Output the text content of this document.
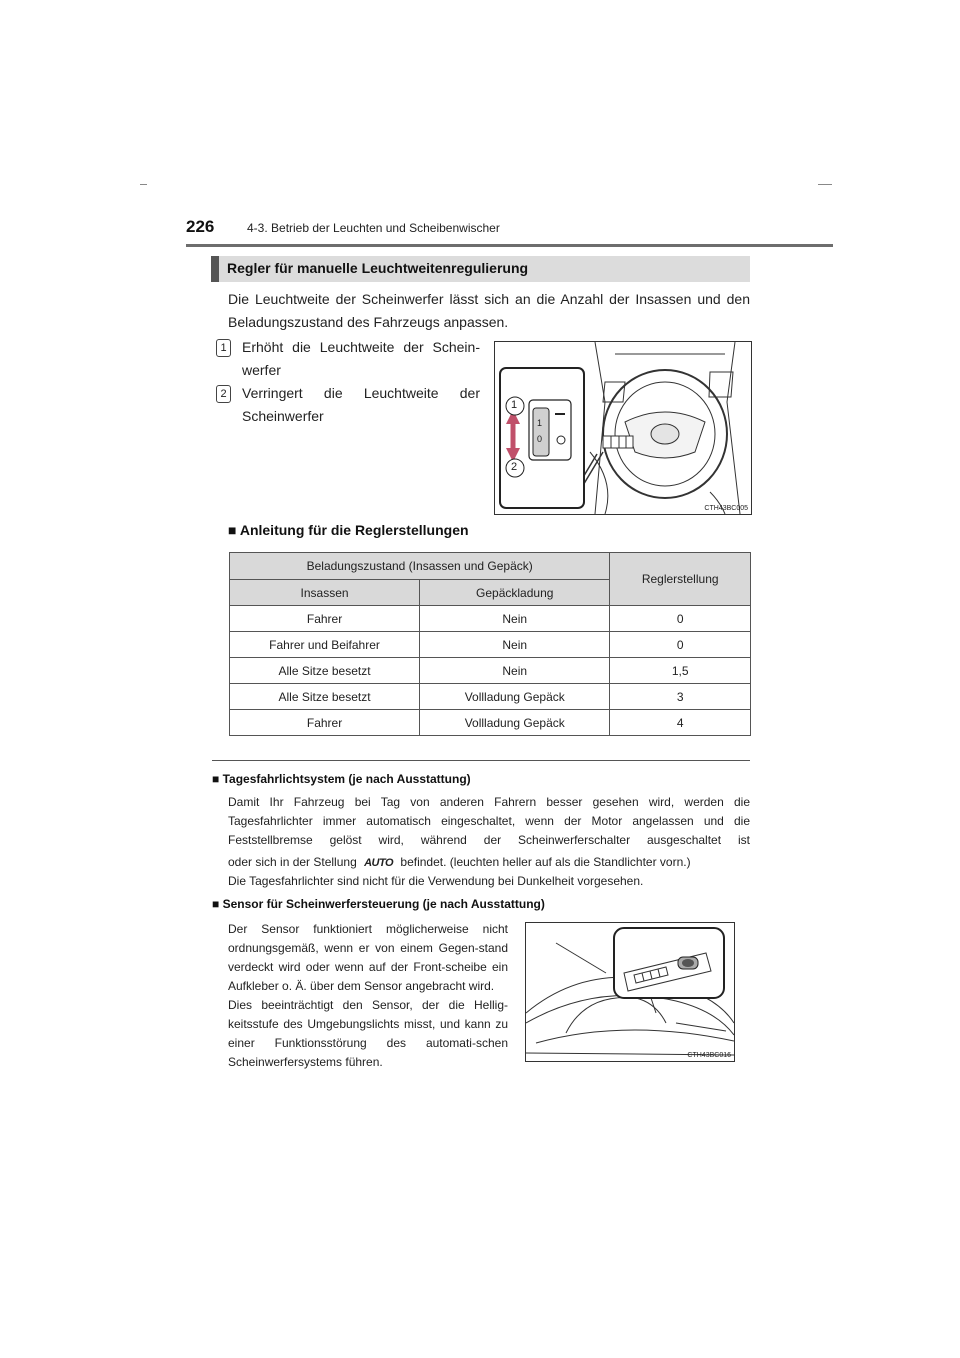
226	4-3. Betrieb der Leuchten und Scheibenwischer
Regler für manuelle Leuchtweitenregulierung
Die Leuchtweite der Scheinwerfer lässt sich an die Anzahl der Insassen und den Beladungszustand des Fahrzeugs anpassen.
1	Erhöht die Leuchtweite der Schein-
werfer
2	Verringert die Leuchtweite der
Scheinwerfer	1
0
1
2
CTH43BC005
■ Anleitung für die Reglerstellungen
Beladungszustand (Insassen und Gepäck)		Reglerstellung
Insassen	Gepäckladung	
Fahrer	Nein	0
Fahrer und Beifahrer	Nein	0
Alle Sitze besetzt	Nein	1,5
Alle Sitze besetzt	Vollladung Gepäck	3
Fahrer	Vollladung Gepäck	4
■ Tagesfahrlichtsystem (je nach Ausstattung)
Damit Ihr Fahrzeug bei Tag von anderen Fahrern besser gesehen wird, werden die Tagesfahrlichter immer automatisch eingeschaltet, wenn der Motor angelassen und die Feststellbremse gelöst wird, während der Scheinwerferschalter ausgeschaltet ist
oder sich in der Stellung AUTO befindet. (leuchten heller auf als die Standlichter vorn.)
Die Tagesfahrlichter sind nicht für die Verwendung bei Dunkelheit vorgesehen.
■ Sensor für Scheinwerfersteuerung (je nach Ausstattung)
Der Sensor funktioniert möglicherweise nicht ordnungsgemäß, wenn er von einem Gegen-stand verdeckt wird oder wenn auf der Front-scheibe ein Aufkleber o. Ä. über dem Sensor angebracht wird.
Dies beeinträchtigt den Sensor, der die Hellig-keitsstufe des Umgebungslichts misst, und kann zu einer Funktionsstörung des automati-schen Scheinwerfersystems führen.	CTH43BC016
